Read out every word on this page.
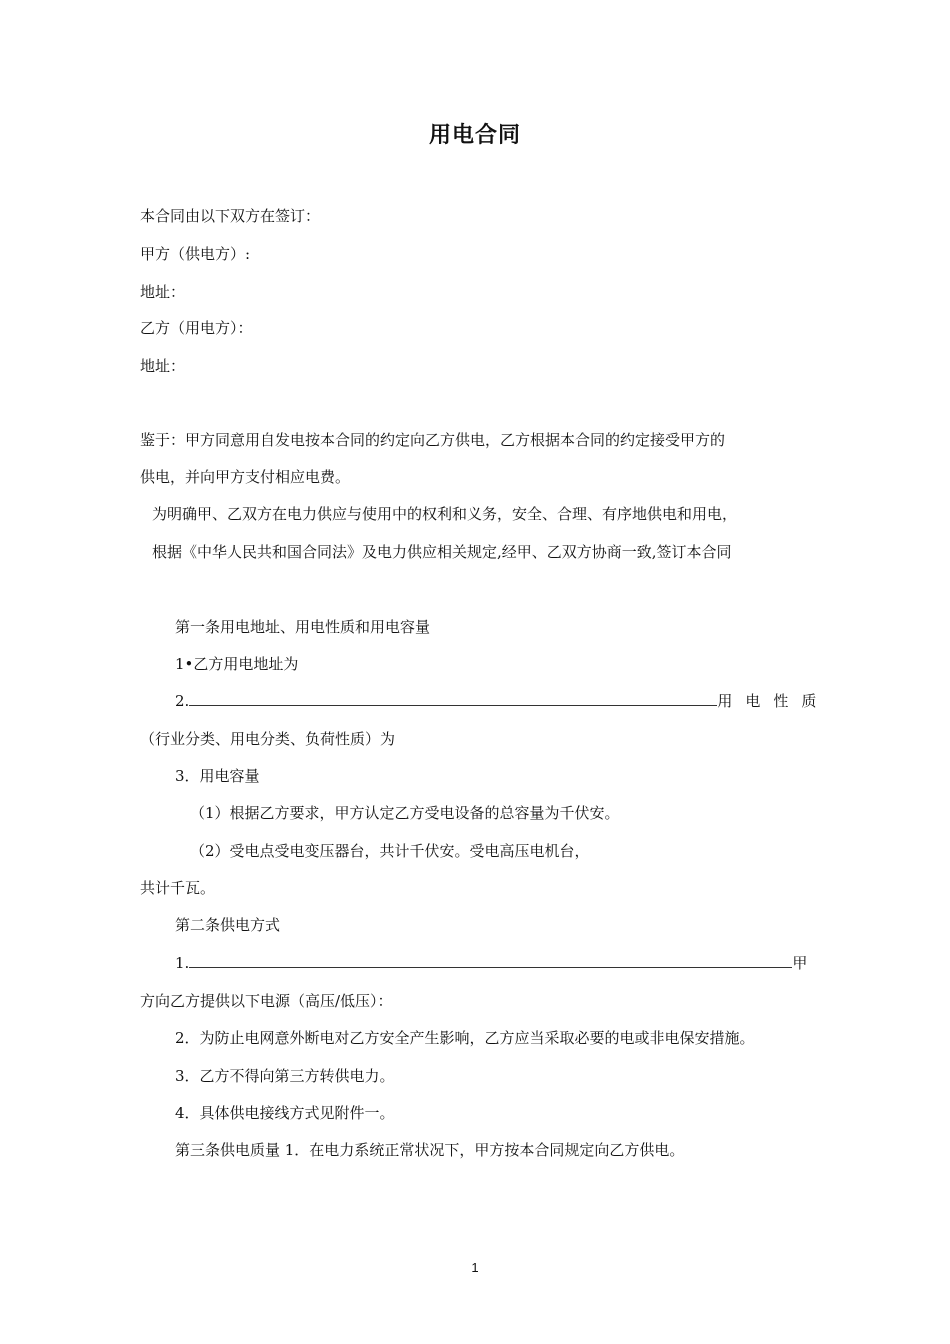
用电合同
本合同由以下双方在签订：
甲方（供电方）:
地址：
乙方（用电方）：
地址：
鉴于：甲方同意用自发电按本合同的约定向乙方供电，乙方根据本合同的约定接受甲方的
供电，并向甲方支付相应电费。
为明确甲、乙双方在电力供应与使用中的权利和义务，安全、合理、有序地供电和用电，
根据《中华人民共和国合同法》及电力供应相关规定,经甲、乙双方协商一致,签订本合同
第一条用电地址、用电性质和用电容量
1•乙方用电地址为
2.	用电性质
（行业分类、用电分类、负荷性质）为
3．用电容量
（1）根据乙方要求，甲方认定乙方受电设备的总容量为千伏安。
（2）受电点受电变压器台，共计千伏安。受电高压电机台，
共计千瓦。
第二条供电方式
1.	甲
方向乙方提供以下电源（高压/低压）：
2．为防止电网意外断电对乙方安全产生影响，乙方应当采取必要的电或非电保安措施。
3．乙方不得向第三方转供电力。
4．具体供电接线方式见附件一。
第三条供电质量 1．在电力系统正常状况下，甲方按本合同规定向乙方供电。
1
